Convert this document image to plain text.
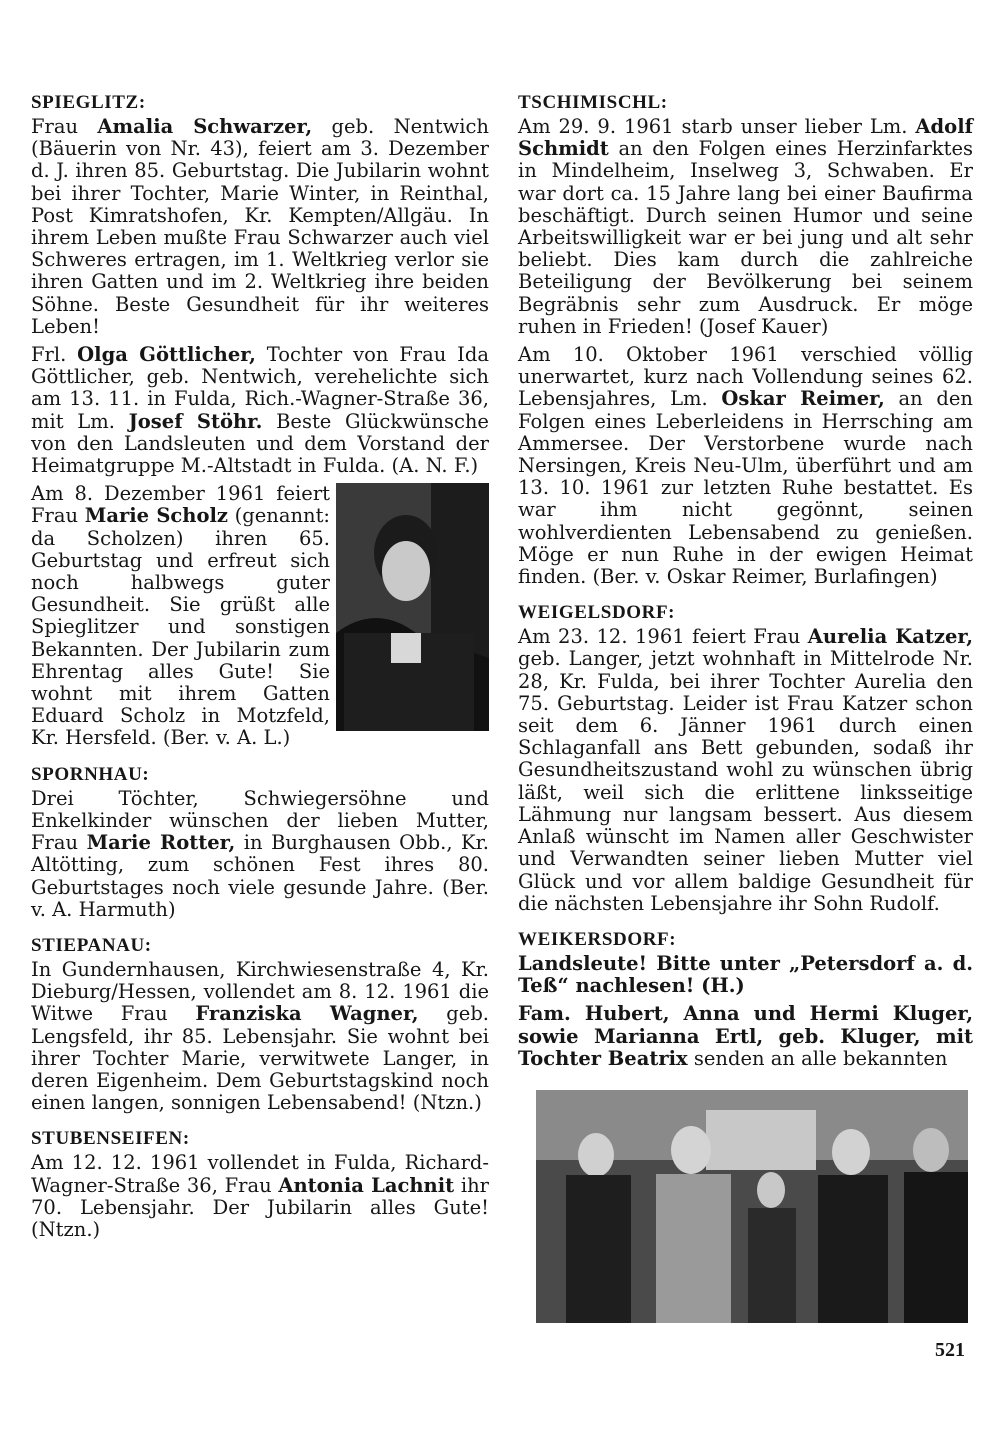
SPIEGLITZ:

Frau Amalia Schwarzer, geb. Nentwich (Bäuerin von Nr. 43), feiert am 3. Dezember d. J. ihren 85. Geburtstag. Die Jubilarin wohnt bei ihrer Tochter, Marie Winter, in Reinthal, Post Kimratshofen, Kr. Kempten/Allgäu. In ihrem Leben mußte Frau Schwarzer auch viel Schweres ertragen, im 1. Weltkrieg verlor sie ihren Gatten und im 2. Weltkrieg ihre beiden Söhne. Beste Gesundheit für ihr weiteres Leben!

Frl. Olga Göttlicher, Tochter von Frau Ida Göttlicher, geb. Nentwich, verehelichte sich am 13. 11. in Fulda, Rich.-Wagner-Straße 36, mit Lm. Josef Stöhr. Beste Glückwünsche von den Landsleuten und dem Vorstand der Heimatgruppe M.-Altstadt in Fulda. (A. N. F.)

Am 8. Dezember 1961 feiert Frau Marie Scholz (genannt: da Scholzen) ihren 65. Geburtstag und erfreut sich noch halbwegs guter Gesundheit. Sie grüßt alle Spieglitzer und sonstigen Bekannten. Der Jubilarin zum Ehrentag alles Gute! Sie wohnt mit ihrem Gatten Eduard Scholz in Motzfeld, Kr. Hersfeld. (Ber. v. A. L.)

SPORNHAU:

Drei Töchter, Schwiegersöhne und Enkelkinder wünschen der lieben Mutter, Frau Marie Rotter, in Burghausen Obb., Kr. Altötting, zum schönen Fest ihres 80. Geburtstages noch viele gesunde Jahre. (Ber. v. A. Harmuth)

STIEPANAU:

In Gundernhausen, Kirchwiesenstraße 4, Kr. Dieburg/Hessen, vollendet am 8. 12. 1961 die Witwe Frau Franziska Wagner, geb. Lengsfeld, ihr 85. Lebensjahr. Sie wohnt bei ihrer Tochter Marie, verwitwete Langer, in deren Eigenheim. Dem Geburtstagskind noch einen langen, sonnigen Lebensabend! (Ntzn.)

STUBENSEIFEN:

Am 12. 12. 1961 vollendet in Fulda, Richard-Wagner-Straße 36, Frau Antonia Lachnit ihr 70. Lebensjahr. Der Jubilarin alles Gute! (Ntzn.)

TSCHIMISCHL:

Am 29. 9. 1961 starb unser lieber Lm. Adolf Schmidt an den Folgen eines Herzinfarktes in Mindelheim, Inselweg 3, Schwaben. Er war dort ca. 15 Jahre lang bei einer Baufirma beschäftigt. Durch seinen Humor und seine Arbeitswilligkeit war er bei jung und alt sehr beliebt. Dies kam durch die zahlreiche Beteiligung der Bevölkerung bei seinem Begräbnis sehr zum Ausdruck. Er möge ruhen in Frieden! (Josef Kauer)

Am 10. Oktober 1961 verschied völlig unerwartet, kurz nach Vollendung seines 62. Lebensjahres, Lm. Oskar Reimer, an den Folgen eines Leberleidens in Herrsching am Ammersee. Der Verstorbene wurde nach Nersingen, Kreis Neu-Ulm, überführt und am 13. 10. 1961 zur letzten Ruhe bestattet. Es war ihm nicht gegönnt, seinen wohlverdienten Lebensabend zu genießen. Möge er nun Ruhe in der ewigen Heimat finden. (Ber. v. Oskar Reimer, Burlafingen)

WEIGELSDORF:

Am 23. 12. 1961 feiert Frau Aurelia Katzer, geb. Langer, jetzt wohnhaft in Mittelrode Nr. 28, Kr. Fulda, bei ihrer Tochter Aurelia den 75. Geburtstag. Leider ist Frau Katzer schon seit dem 6. Jänner 1961 durch einen Schlaganfall ans Bett gebunden, sodaß ihr Gesundheitszustand wohl zu wünschen übrig läßt, weil sich die erlittene linksseitige Lähmung nur langsam bessert. Aus diesem Anlaß wünscht im Namen aller Geschwister und Verwandten seiner lieben Mutter viel Glück und vor allem baldige Gesundheit für die nächsten Lebensjahre ihr Sohn Rudolf.

WEIKERSDORF:

Landsleute! Bitte unter „Petersdorf a. d. Teß“ nachlesen! (H.)

Fam. Hubert, Anna und Hermi Kluger, sowie Marianna Ertl, geb. Kluger, mit Tochter Beatrix senden an alle bekannten

521
